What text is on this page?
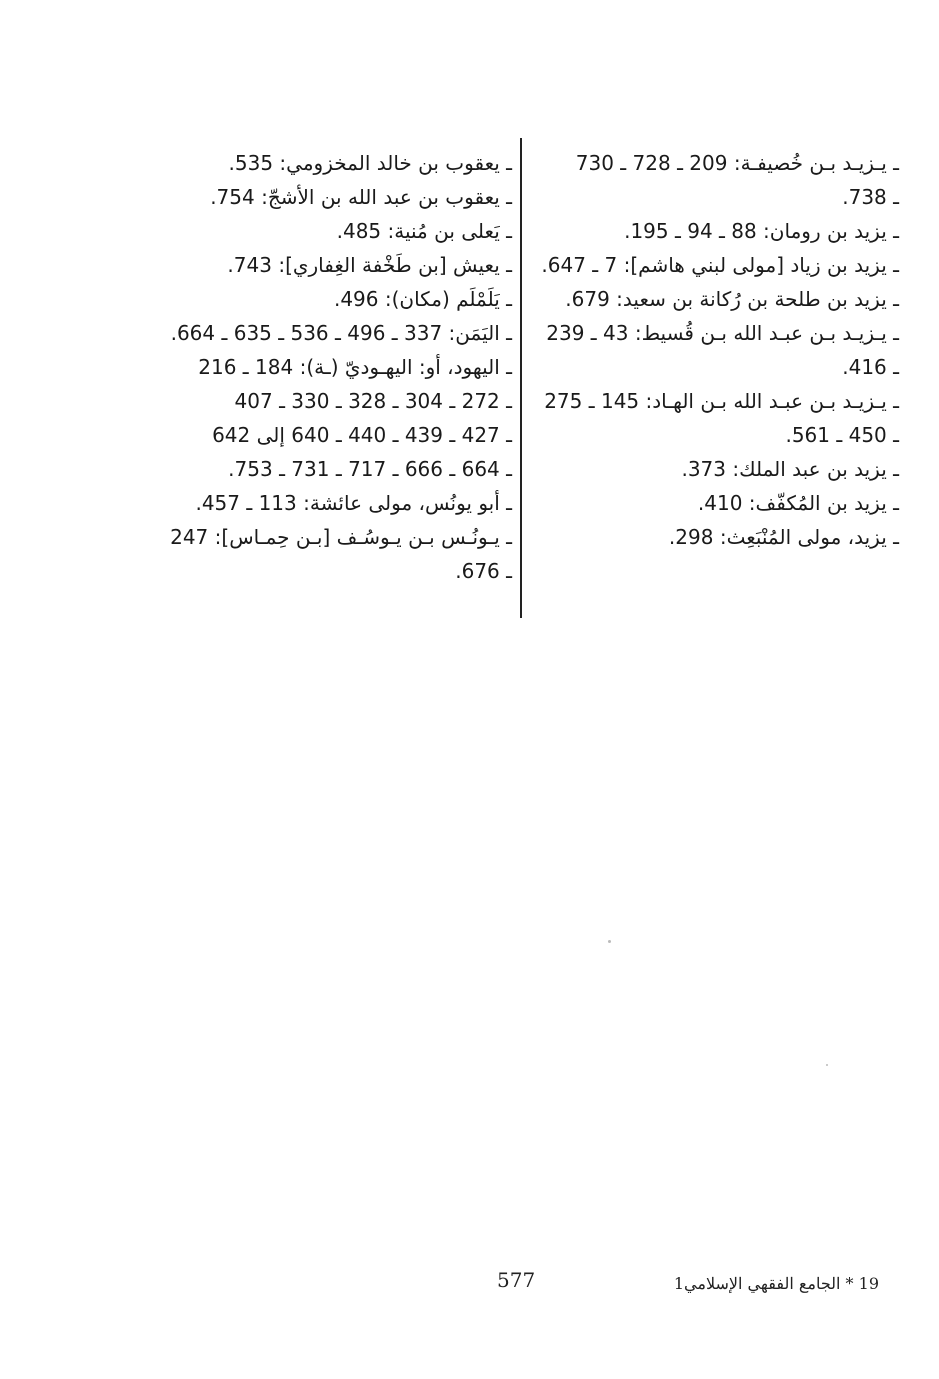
ـ يـزيـد بـن خُصيفـة: 209 ـ 728 ـ 730
ـ 738.
ـ يزيد بن رومان: 88 ـ 94 ـ 195.
ـ يزيد بن زياد [مولى لبني هاشم]: 7 ـ 647.
ـ يزيد بن طلحة بن رُكانة بن سعيد: 679.
ـ يـزيـد بـن عبـد الله بـن قُسيط: 43 ـ 239
ـ 416.
ـ يـزيـد بـن عبـد الله بـن الهـاد: 145 ـ 275
ـ 450 ـ 561.
ـ يزيد بن عبد الملك: 373.
ـ يزيد بن المُكفّف: 410.
ـ يزيد، مولى المُنْبَعِث: 298.
ـ يعقوب بن خالد المخزومي: 535.
ـ يعقوب بن عبد الله بن الأشجّ: 754.
ـ يَعلى بن مُنية: 485.
ـ يعيش [بن طَخْفة الغِفاري]: 743.
ـ يَلَمْلَم (مكان): 496.
ـ اليَمَن: 337 ـ 496 ـ 536 ـ 635 ـ 664.
ـ اليهود، أو: اليهـوديّ (ـة): 184 ـ 216
ـ 272 ـ 304 ـ 328 ـ 330 ـ 407
ـ 427 ـ 439 ـ 440 ـ 640 إلى 642
ـ 664 ـ 666 ـ 717 ـ 731 ـ 753.
ـ أبو يونُس، مولى عائشة: 113 ـ 457.
ـ يـونُـس بـن يـوسُـف [بـن حِمـاس]: 247
ـ 676.
577	19 * الجامع الفقهي الإسلامي1
